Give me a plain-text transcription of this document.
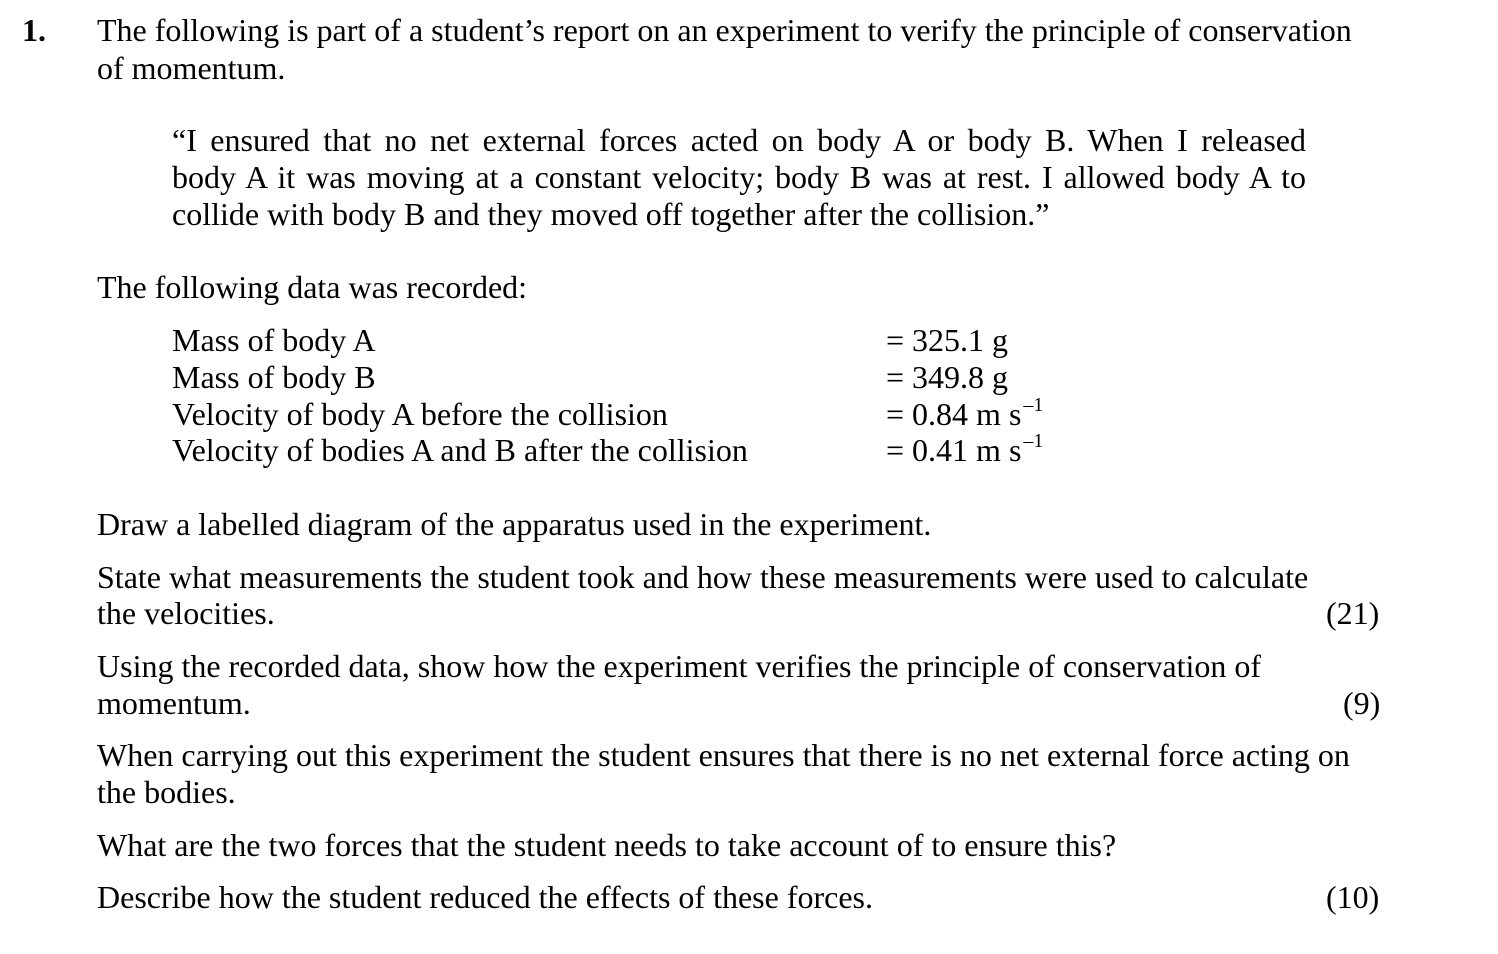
1. The following is part of a student’s report on an experiment to verify the principle of conservation
of momentum.
“I ensured that no net external forces acted on body A or body B. When I released
body A it was moving at a constant velocity; body B was at rest. I allowed body A to
collide with body B and they moved off together after the collision.”
The following data was recorded:
Mass of body A	= 325.1 g
Mass of body B	= 349.8 g
Velocity of body A before the collision	= 0.84 m s $^{-1}$
Velocity of bodies A and B after the collision	= 0.41 m s $^{-1}$
Draw a labelled diagram of the apparatus used in the experiment.
State what measurements the student took and how these measurements were used to calculate
the velocities.	(21)
Using the recorded data, show how the experiment verifies the principle of conservation of
momentum.	(9)
When carrying out this experiment the student ensures that there is no net external force acting on
the bodies.
What are the two forces that the student needs to take account of to ensure this?
Describe how the student reduced the effects of these forces.	(10)
